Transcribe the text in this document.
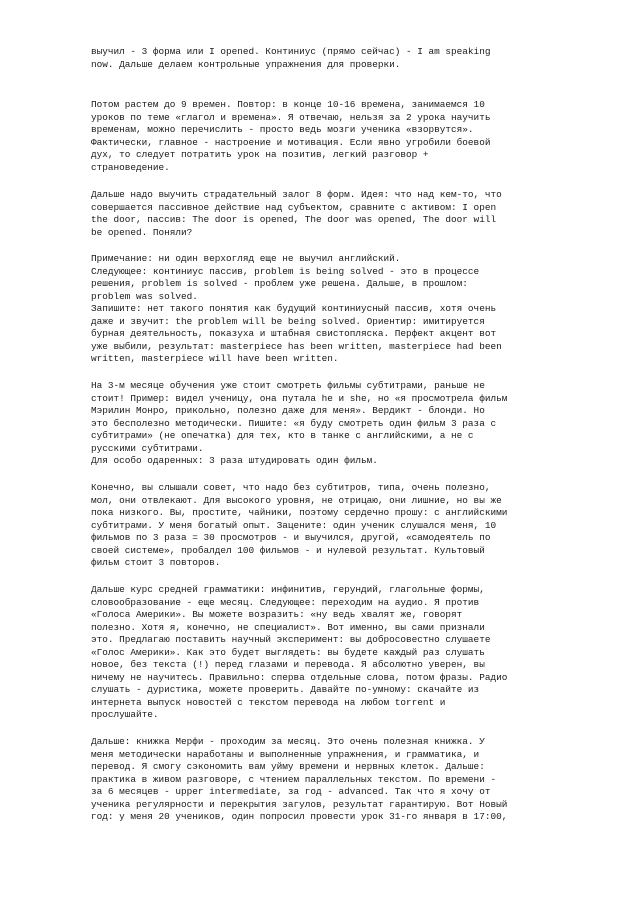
выучил - 3 форма или I opened. Континиус (прямо сейчас) - I am speaking
now. Дальше делаем контрольные упражнения для проверки.
Потом растем до 9 времен. Повтор: в конце 10-16 времена, занимаемся 10
уроков по теме «глагол и времена». Я отвечаю, нельзя за 2 урока научить
временам, можно перечислить - просто ведь мозги ученика «взорвутся».
Фактически, главное - настроение и мотивация. Если явно угробили боевой
дух, то следует потратить урок на позитив, легкий разговор +
страноведение.
Дальше надо выучить страдательный залог 8 форм. Идея: что над кем-то, что
совершается пассивное действие над субъектом, сравните с активом: I open
the door, пассив: The door is opened, The door was opened, The door will
be opened. Поняли?
Примечание: ни один верхогляд еще не выучил английский.
Следующее: континиус пассив, problem is being solved - это в процессе
решения, problem is solved - проблем уже решена. Дальше, в прошлом:
problem was solved.
Запишите: нет такого понятия как будущий континиусный пассив, хотя очень
даже и звучит: the problem will be being solved. Ориентир: имитируется
бурная деятельность, показуха и штабная свистопляска. Перфект акцент вот
уже выбили, результат: masterpiece has been written, masterpiece had been
written, masterpiece will have been written.
На 3-м месяце обучения уже стоит смотреть фильмы субтитрами, раньше не
стоит! Пример: видел ученицу, она путала he и she, но «я просмотрела фильм
Мэрилин Монро, прикольно, полезно даже для меня». Вердикт - блонди. Но
это бесполезно методически. Пишите: «я буду смотреть один фильм 3 раза с
субтитрами» (не опечатка) для тех, кто в танке с английскими, а не с
русскими субтитрами.
Для особо одаренных: 3 раза штудировать один фильм.
Конечно, вы слышали совет, что надо без субтитров, типа, очень полезно,
мол, они отвлекают. Для высокого уровня, не отрицаю, они лишние, но вы же
пока низкого. Вы, простите, чайники, поэтому сердечно прошу: с английскими
субтитрами. У меня богатый опыт. Заценитe: один ученик слушался меня, 10
фильмов по 3 раза = 30 просмотров - и выучился, другой, «самодеятель по
своей системе», пробалдел 100 фильмов - и нулевой результат. Культовый
фильм стоит 3 повторов.
Дальше курс средней грамматики: инфинитив, герундий, глагольные формы,
словообразование - еще месяц. Следующее: переходим на аудио. Я против
«Голоса Америки». Вы можете возразить: «ну ведь хвалят же, говорят
полезно. Хотя я, конечно, не специалист». Вот именно, вы сами признали
это. Предлагаю поставить научный эксперимент: вы добросовестно слушаете
«Голос Америки». Как это будет выглядеть: вы будете каждый раз слушать
новое, без текста (!) перед глазами и перевода. Я абсолютно уверен, вы
ничему не научитесь. Правильно: сперва отдельные слова, потом фразы. Радио
слушать - дуристика, можете проверить. Давайте по-умному: скачайте из
интернета выпуск новостей с текстом перевода на любом torrent и
прослушайте.
Дальше: книжка Мерфи - проходим за месяц. Это очень полезная книжка. У
меня методически наработаны и выполненные упражнения, и грамматика, и
перевод. Я смогу сэкономить вам уйму времени и нервных клеток. Дальше:
практика в живом разговоре, с чтением параллельных текстом. По времени -
за 6 месяцев - upper intermediate, за год - advanced. Так что я хочу от
ученика регулярности и перекрытия загулов, результат гарантирую. Вот Новый
год: у меня 20 учеников, один попросил провести урок 31-го января в 17:00,
